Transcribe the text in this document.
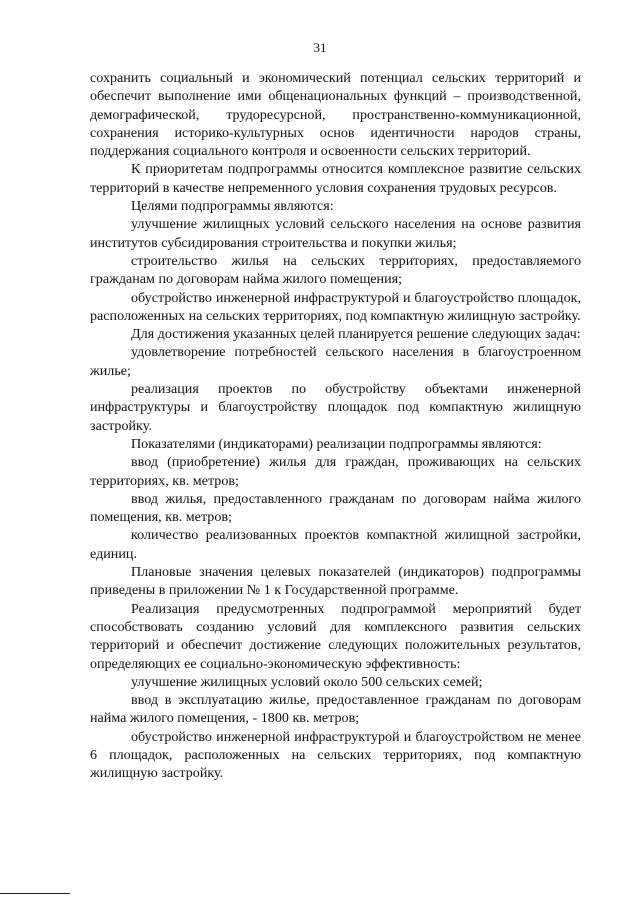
31

сохранить социальный и экономический потенциал сельских территорий и обеспечит выполнение ими общенациональных функций – производственной, демографической, трудоресурсной, пространственно-коммуникационной, сохранения историко-культурных основ идентичности народов страны, поддержания социального контроля и освоенности сельских территорий.

К приоритетам подпрограммы относится комплексное развитие сельских территорий в качестве непременного условия сохранения трудовых ресурсов.

Целями подпрограммы являются:

улучшение жилищных условий сельского населения на основе развития институтов субсидирования строительства и покупки жилья;

строительство жилья на сельских территориях, предоставляемого гражданам по договорам найма жилого помещения;

обустройство инженерной инфраструктурой и благоустройство площадок, расположенных на сельских территориях, под компактную жилищную застройку.

Для достижения указанных целей планируется решение следующих задач:

удовлетворение потребностей сельского населения в благоустроенном жилье;

реализация проектов по обустройству объектами инженерной инфраструктуры и благоустройству площадок под компактную жилищную застройку.

Показателями (индикаторами) реализации подпрограммы являются:

ввод (приобретение) жилья для граждан, проживающих на сельских территориях, кв. метров;

ввод жилья, предоставленного гражданам по договорам найма жилого помещения, кв. метров;

количество реализованных проектов компактной жилищной застройки, единиц.

Плановые значения целевых показателей (индикаторов) подпрограммы приведены в приложении № 1 к Государственной программе.

Реализация предусмотренных подпрограммой мероприятий будет способствовать созданию условий для комплексного развития сельских территорий и обеспечит достижение следующих положительных результатов, определяющих ее социально-экономическую эффективность:

улучшение жилищных условий около 500 сельских семей;

ввод в эксплуатацию жилье, предоставленное гражданам по договорам найма жилого помещения, - 1800 кв. метров;

обустройство инженерной инфраструктурой и благоустройством не менее 6 площадок, расположенных на сельских территориях, под компактную жилищную застройку.
